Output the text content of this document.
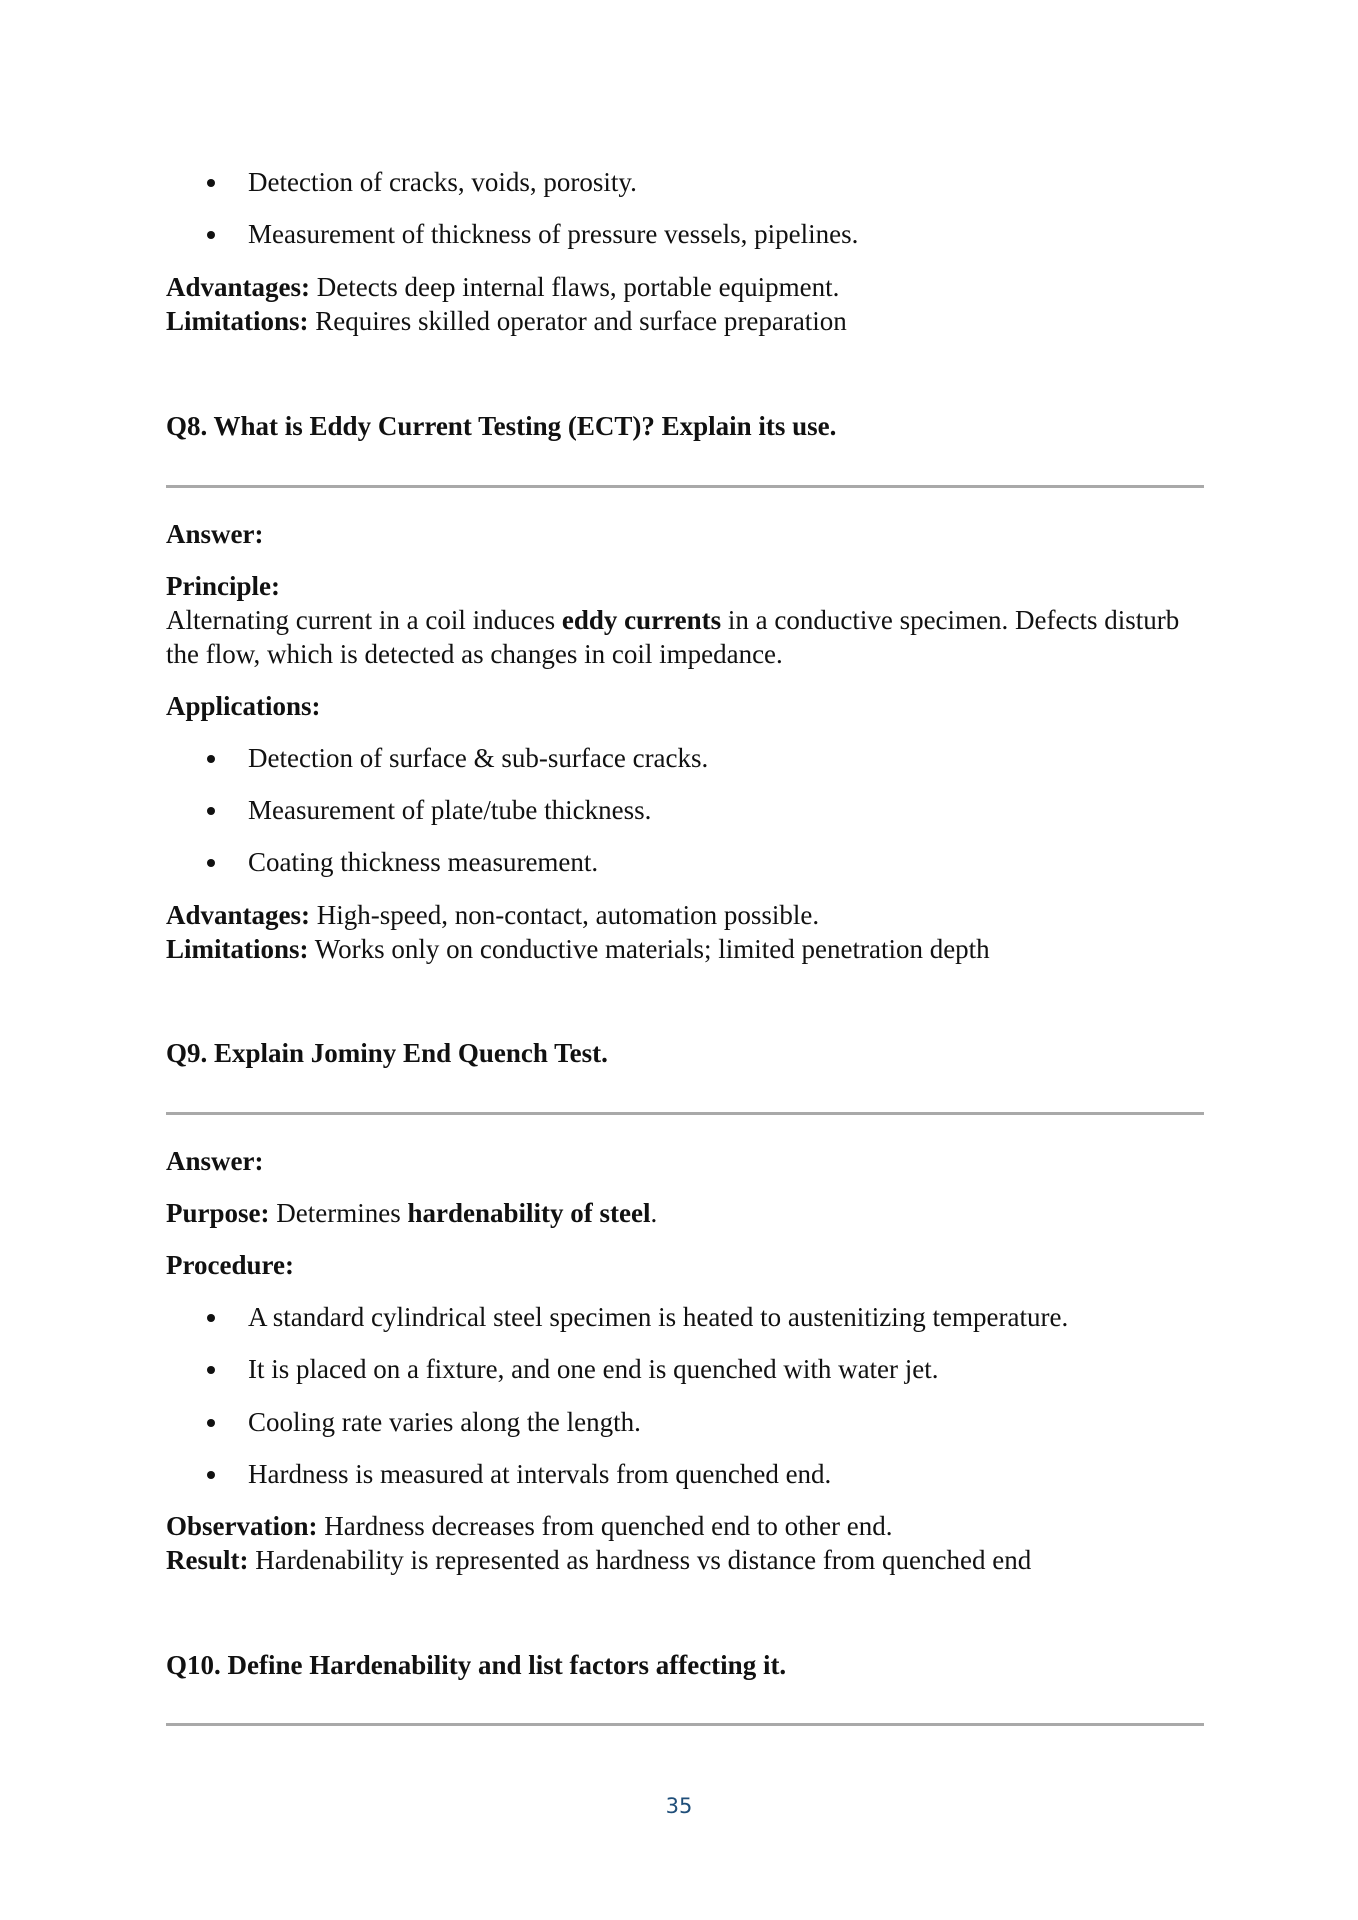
Detection of cracks, voids, porosity.
Measurement of thickness of pressure vessels, pipelines.
Advantages: Detects deep internal flaws, portable equipment.
Limitations: Requires skilled operator and surface preparation
Q8. What is Eddy Current Testing (ECT)? Explain its use.
Answer:
Principle:
Alternating current in a coil induces eddy currents in a conductive specimen. Defects disturb
the flow, which is detected as changes in coil impedance.
Applications:
Detection of surface & sub-surface cracks.
Measurement of plate/tube thickness.
Coating thickness measurement.
Advantages: High-speed, non-contact, automation possible.
Limitations: Works only on conductive materials; limited penetration depth
Q9. Explain Jominy End Quench Test.
Answer:
Purpose: Determines hardenability of steel.
Procedure:
A standard cylindrical steel specimen is heated to austenitizing temperature.
It is placed on a fixture, and one end is quenched with water jet.
Cooling rate varies along the length.
Hardness is measured at intervals from quenched end.
Observation: Hardness decreases from quenched end to other end.
Result: Hardenability is represented as hardness vs distance from quenched end
Q10. Define Hardenability and list factors affecting it.
35
